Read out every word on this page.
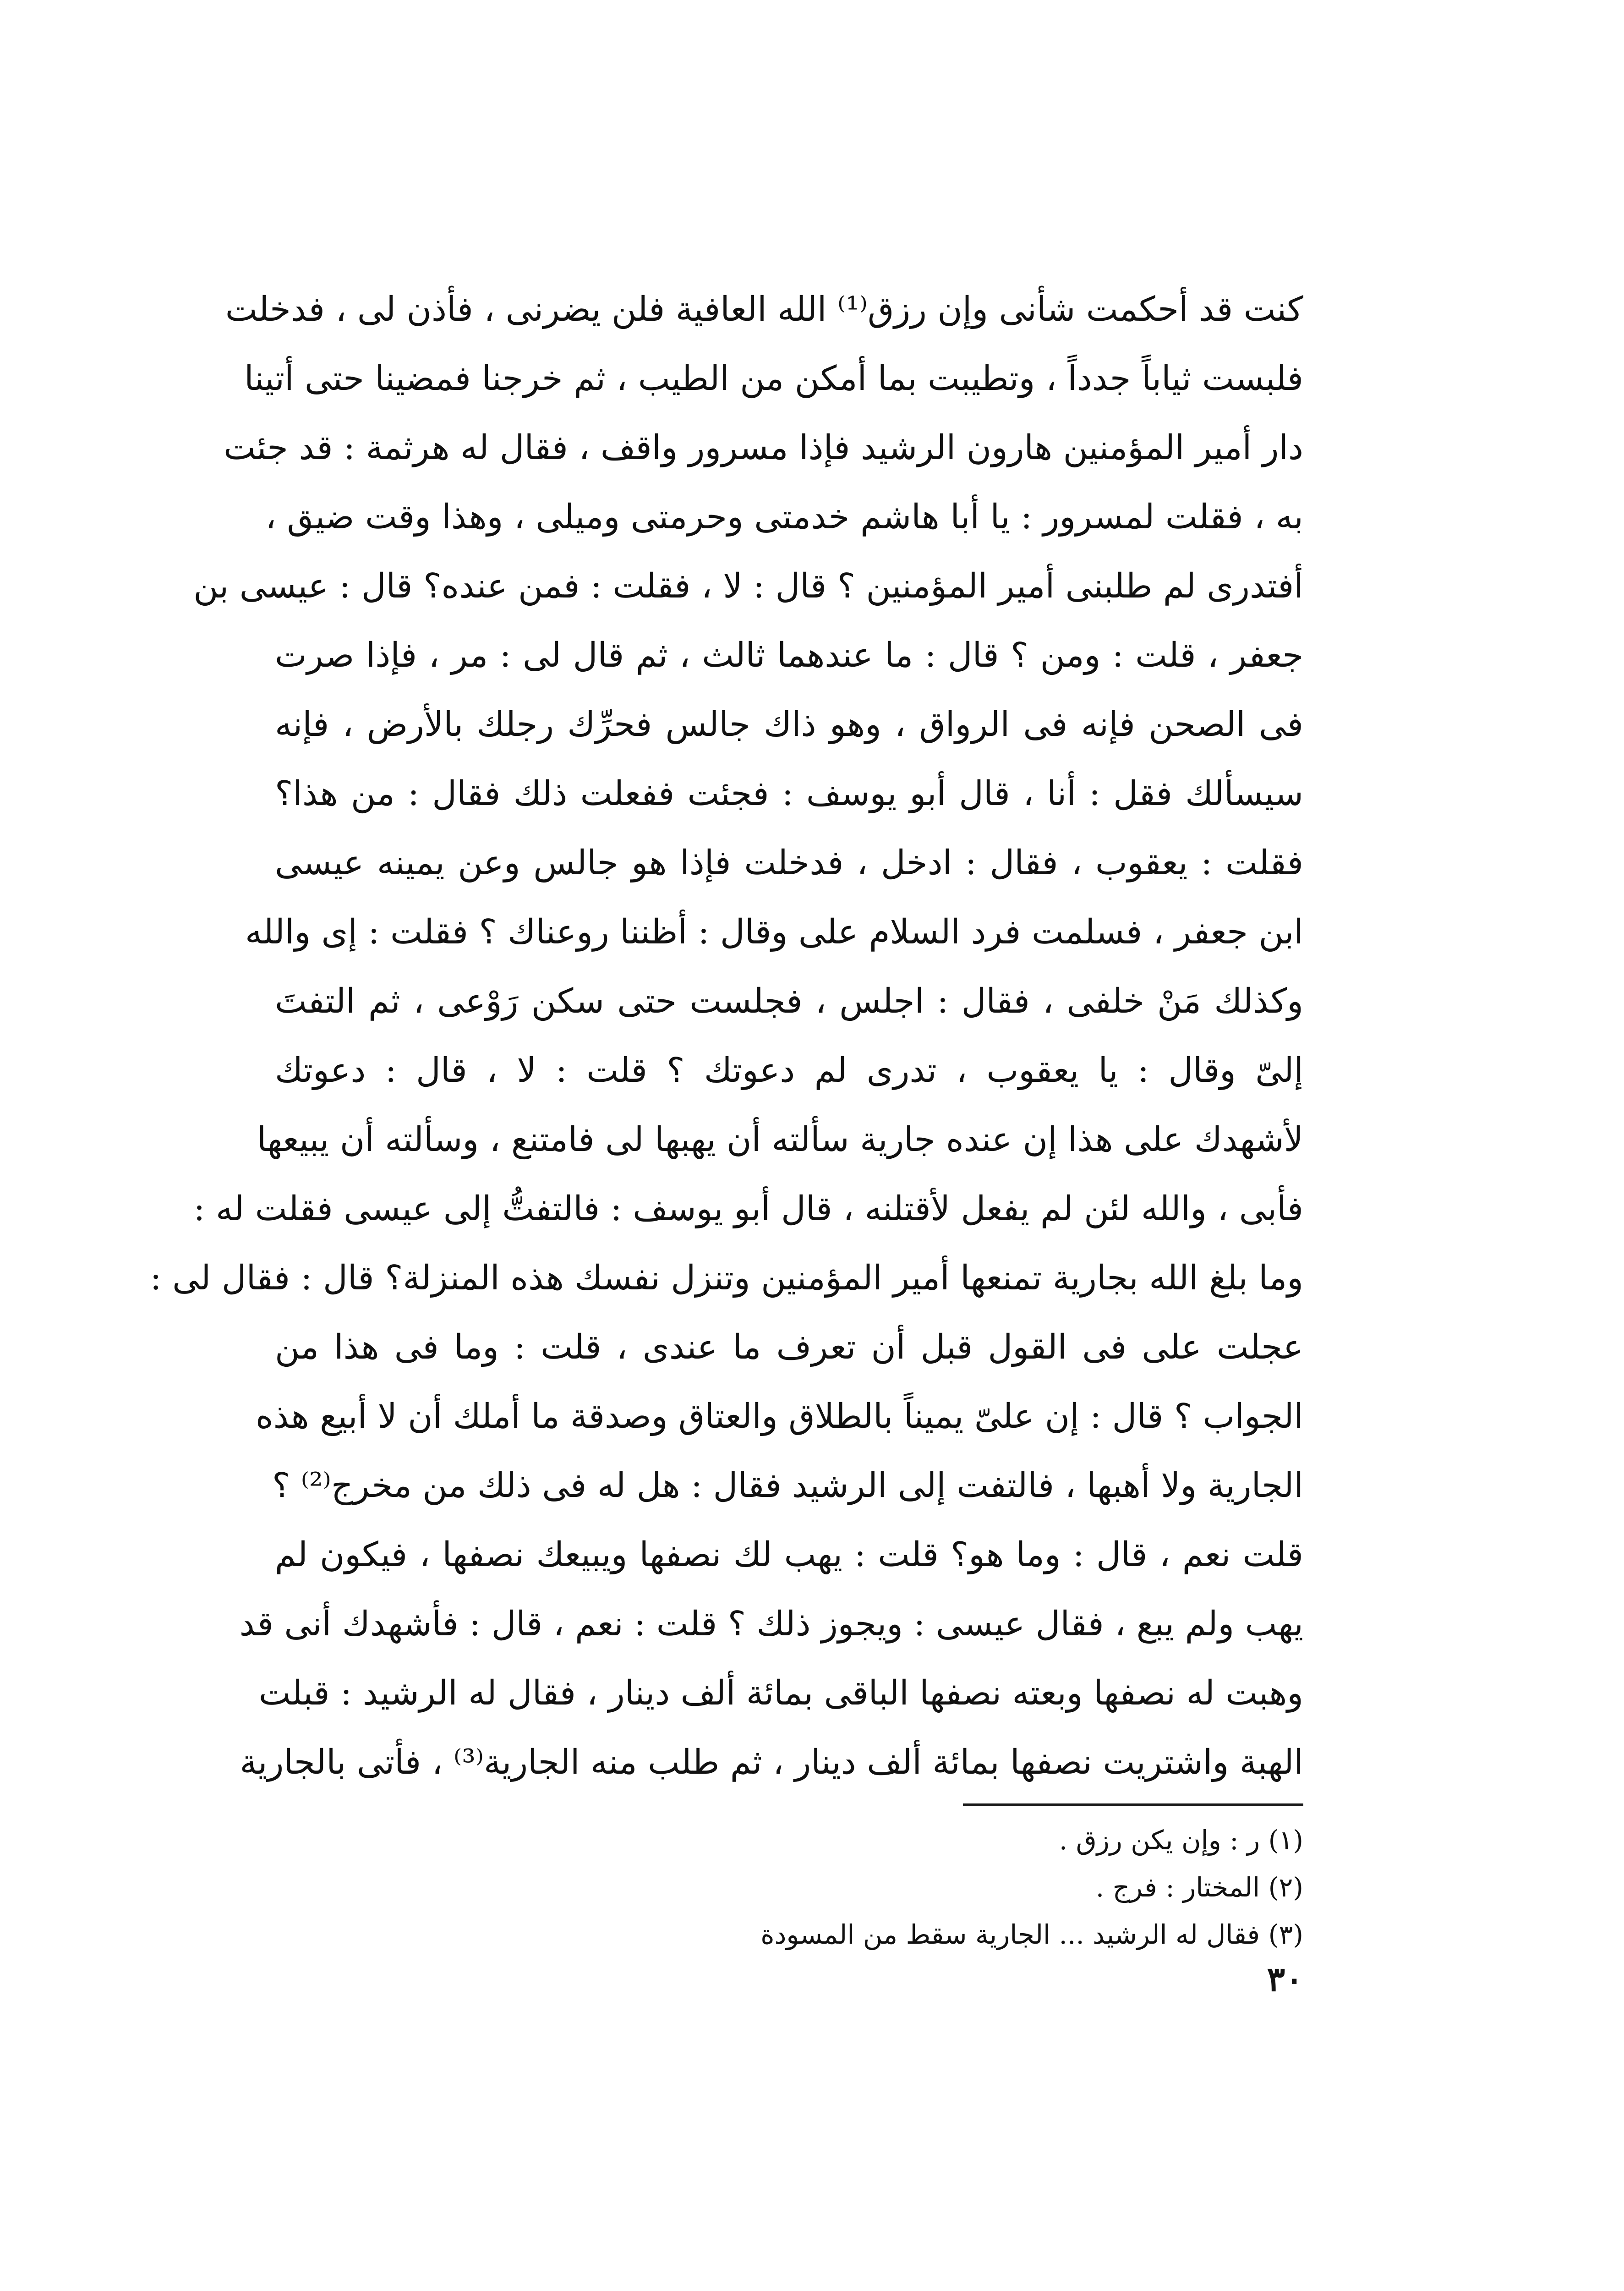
كنت قد أحكمت شأنى وإن رزق⁽¹⁾ الله العافية فلن يضرنى ، فأذن لى ، فدخلت
فلبست ثياباً جدداً ، وتطيبت بما أمكن من الطيب ، ثم خرجنا فمضينا حتى أتينا
دار أمير المؤمنين هارون الرشيد فإذا مسرور واقف ، فقال له هرثمة : قد جئت
به ، فقلت لمسرور : يا أبا هاشم خدمتى وحرمتى وميلى ، وهذا وقت ضيق ،
أفتدرى لم طلبنى أمير المؤمنين ؟ قال : لا ، فقلت : فمن عنده؟ قال : عيسى بن
جعفر ، قلت : ومن ؟ قال : ما عندهما ثالث ، ثم قال لى : مر ، فإذا صرت
فى الصحن فإنه فى الرواق ، وهو ذاك جالس فحرِّك رجلك بالأرض ، فإنه
سيسألك فقل : أنا ، قال أبو يوسف : فجئت ففعلت ذلك فقال : من هذا؟
فقلت : يعقوب ، فقال : ادخل ، فدخلت فإذا هو جالس وعن يمينه عيسى
ابن جعفر ، فسلمت فرد السلام على وقال : أظننا روعناك ؟ فقلت : إى والله
وكذلك مَنْ خلفى ، فقال : اجلس ، فجلست حتى سكن رَوْعى ، ثم التفتَ
إلىّ وقال : يا يعقوب ، تدرى لم دعوتك ؟ قلت : لا ، قال : دعوتك
لأشهدك على هذا إن عنده جارية سألته أن يهبها لى فامتنع ، وسألته أن يبيعها
فأبى ، والله لئن لم يفعل لأقتلنه ، قال أبو يوسف : فالتفتُّ إلى عيسى فقلت له :
وما بلغ الله بجارية تمنعها أمير المؤمنين وتنزل نفسك هذه المنزلة؟ قال : فقال لى :
عجلت على فى القول قبل أن تعرف ما عندى ، قلت : وما فى هذا من
الجواب ؟ قال : إن علىّ يميناً بالطلاق والعتاق وصدقة ما أملك أن لا أبيع هذه
الجارية ولا أهبها ، فالتفت إلى الرشيد فقال : هل له فى ذلك من مخرج⁽²⁾ ؟
قلت نعم ، قال : وما هو؟ قلت : يهب لك نصفها ويبيعك نصفها ، فيكون لم
يهب ولم يبع ، فقال عيسى : ويجوز ذلك ؟ قلت : نعم ، قال : فأشهدك أنى قد
وهبت له نصفها وبعته نصفها الباقى بمائة ألف دينار ، فقال له الرشيد : قبلت
الهبة واشتريت نصفها بمائة ألف دينار ، ثم طلب منه الجارية⁽³⁾ ، فأتى بالجارية
(١) ر : وإن يكن رزق .
(٢) المختار : فرج .
(٣) فقال له الرشيد ... الجارية سقط من المسودة
٣٠
